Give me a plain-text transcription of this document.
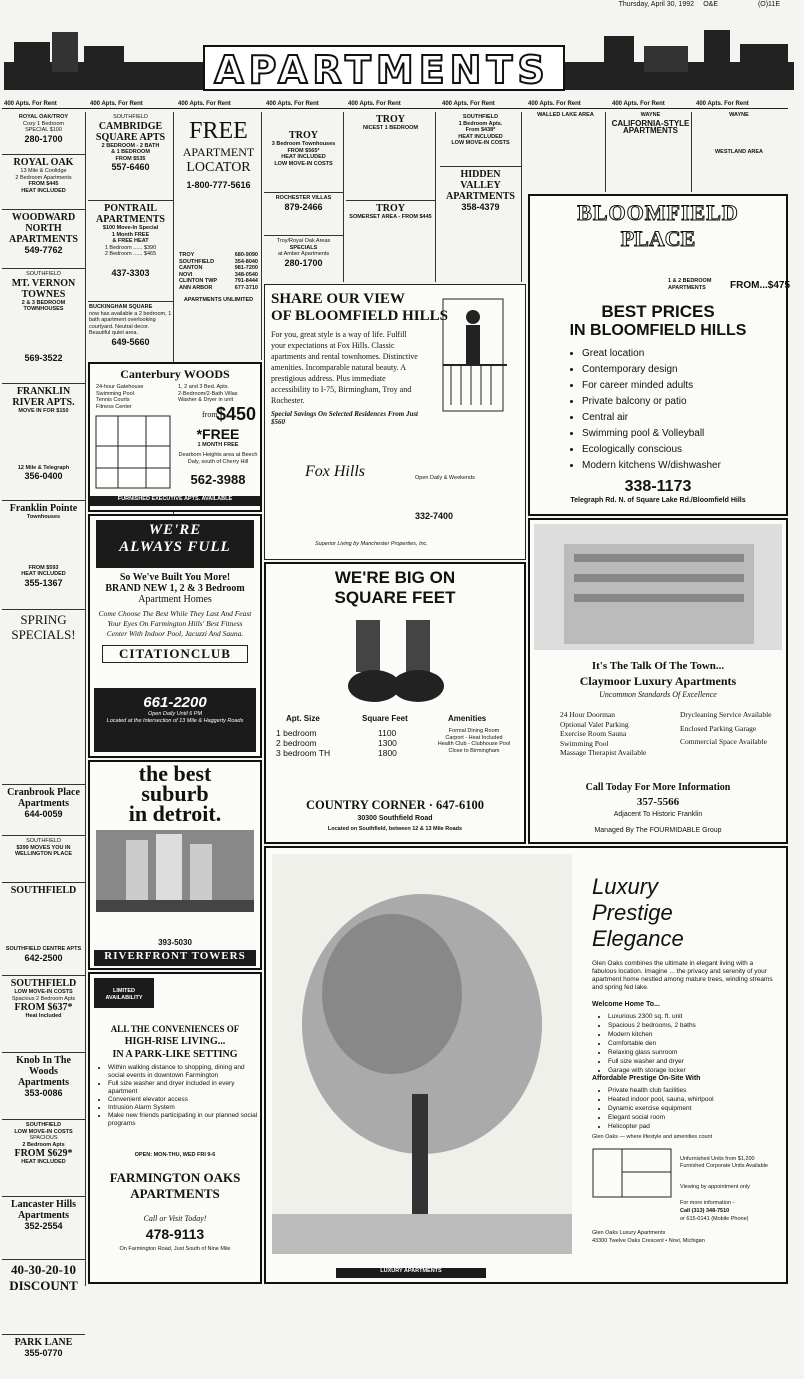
Thursday, April 30, 1992 O&E	(O)11E
APARTMENTS
400 Apts. For Rent	400 Apts. For Rent	400 Apts. For Rent	400 Apts. For Rent	400 Apts. For Rent	400 Apts. For Rent	400 Apts. For Rent	400 Apts. For Rent	400 Apts. For Rent
ROYAL OAK/TROY
Cozy 1 Bedroom
SPECIAL $100
280-1700
ROYAL OAK
13 Mile & Coolidge
2 Bedroom Apartments
FROM $445
HEAT INCLUDED
WOODWARD
NORTH
APARTMENTS
549-7762
SOUTHFIELD
MT. VERNON
TOWNES
2 & 3 BEDROOM
TOWNHOUSES
569-3522
FRANKLIN
RIVER APTS.
MOVE IN FOR $150
12 Mile & Telegraph
356-0400
Franklin Pointe
Townhouses
FROM $593
HEAT INCLUDED
355-1367
SPRING
SPECIALS!
Cranbrook Place
Apartments
644-0059
SOUTHFIELD
$399 MOVES YOU IN
WELLINGTON PLACE
SOUTHFIELD
SOUTHFIELD CENTRE APTS
642-2500
SOUTHFIELD
LOW MOVE-IN COSTS
Spacious 2 Bedroom Apts
FROM $637*
Heat Included
Knob In The Woods
Apartments
353-0086
SOUTHFIELD
LOW MOVE-IN COSTS
SPACIOUS
2 Bedroom Apts
FROM $629*
HEAT INCLUDED
Lancaster Hills
Apartments
352-2554
40-30-20-10
DISCOUNT
PARK LANE
355-0770
SOUTHFIELD
CAMBRIDGE
SQUARE APTS
2 BEDROOM - 2 BATH
& 1 BEDROOM
FROM $535
557-6460
PONTRAIL
APARTMENTS
$100 Move-In Special
1 Month FREE
& FREE HEAT
1 Bedroom ...... $390
2 Bedroom ...... $465
437-3303
BUCKINGHAM SQUARE
now has available a 2 bedroom, 1 bath apartment overlooking courtyard. Neutral decor. Beautiful quiet area.
649-5660
FREE
APARTMENT
LOCATOR
1-800-777-5616
TROY	680-9090
SOUTHFIELD	354-8040
CANTON	981-7200
NOVI	348-0540
CLINTON TWP	791-8444
ANN ARBOR	677-3710
APARTMENTS UNLIMITED
TROY
3 Bedroom Townhouses
FROM $565*
HEAT INCLUDED
LOW MOVE-IN COSTS
ROCHESTER VILLAS
879-2466
Troy/Royal Oak Areas
SPECIALS
at Amber Apartments
280-1700
TROY
NICEST 1 BEDROOM
TROY
SOMERSET AREA - FROM $445
SOUTHFIELD
1 Bedroom Apts.
From $438*
HEAT INCLUDED
LOW MOVE-IN COSTS
HIDDEN VALLEY
APARTMENTS
358-4379
WALLED LAKE AREA	WAYNE
CALIFORNIA-STYLE
APARTMENTS
WAYNE
WESTLAND AREA
SHARE OUR VIEW
OF BLOOMFIELD HILLS
For you, great style is a way of life. Fulfill your expectations at Fox Hills. Classic apartments and rental townhomes. Distinctive amenities. Incomparable natural beauty. A prestigious address. Plus immediate accessibility to I-75, Birmingham, Troy and Rochester.
Special Savings On Selected Residences From Just $560
Fox Hills	Open Daily & Weekends
332-7400
Superior Living by Manchester Properties, Inc.
BLOOMFIELD
PLACE
1 & 2 BEDROOM APARTMENTS	FROM...$475
BEST PRICES
IN BLOOMFIELD HILLS
• Great location
• Contemporary design
• For career minded adults
• Private balcony or patio
• Central air
• Swimming pool & Volleyball
• Ecologically conscious
• Modern kitchens W/dishwasher
338-1173
Telegraph Rd. N. of Square Lake Rd./Bloomfield Hills
Canterbury WOODS
24-hour Gatehouse
Swimming Pool
Tennis Courts
Fitness Center
1, 2 and 3 Bed. Apts.
2-Bedroom/2-Bath Villas
Washer & Dryer in unit
from
$450
*FREE
1 MONTH FREE
Dearborn Heights area at Beech Daly, south of Cherry Hill
562-3988
FURNISHED EXECUTIVE APTS. AVAILABLE
WE'RE
ALWAYS FULL
So We've Built You More!
BRAND NEW 1, 2 & 3 Bedroom
Apartment Homes
Come Choose The Best While They Last And Feast Your Eyes On Farmington Hills' Best Fitness Center With Indoor Pool, Jacuzzi And Sauna.
CITATIONCLUB
661-2200
Open Daily Until 6 PM
Located at the Intersection of 13 Mile & Haggerty Roads
the best
suburb
in detroit.
393-5030
RIVERFRONT TOWERS
LIMITED AVAILABILITY
ALL THE CONVENIENCES OF
HIGH-RISE LIVING...
IN A PARK-LIKE SETTING
• Within walking distance to shopping, dining and social events in downtown Farmington
• Full size washer and dryer included in every apartment
• Convenient elevator access
• Intrusion Alarm System
• Make new friends participating in our planned social programs
OPEN: MON-THU, WED FRI 9-6
FARMINGTON OAKS APARTMENTS
Call or Visit Today!
478-9113
On Farmington Road, Just South of Nine Mile
WE'RE BIG ON
SQUARE FEET
Apt. Size	Square Feet	Amenities
1 bedroom	1100
2 bedroom	1300
3 bedroom TH	1800
Formal Dining Room
Carport - Heat Included
Health Club - Clubhouse Pool
Close to Birmingham
COUNTRY CORNER · 647-6100
30300 Southfield Road
Located on Southfield, between 12 & 13 Mile Roads
It's The Talk Of The Town...
Claymoor Luxury Apartments
Uncommon Standards Of Excellence
24 Hour Doorman
Optional Valet Parking
Exercise Room Sauna
Swimming Pool
Massage Therapist Available
Drycleaning Service Available
Enclosed Parking Garage
Commercial Space Available
Call Today For More Information
357-5566
Adjacent To Historic Franklin
Managed By The FOURMIDABLE Group
LUXURY APARTMENTS
Luxury
Prestige
Elegance
Glen Oaks combines the ultimate in elegant living with a fabulous location. Imagine ... the privacy and serenity of your apartment home nestled among mature trees, winding streams and spring fed lake.
Welcome Home To...
• Luxurious 2300 sq. ft. unit
• Spacious 2 bedrooms, 2 baths
• Modern kitchen
• Comfortable den
• Relaxing glass sunroom
• Full size washer and dryer
• Garage with storage locker
Affordable Prestige On-Site With
• Private health club facilities
• Heated indoor pool, sauna, whirlpool
• Dynamic exercise equipment
• Elegant social room
• Helicopter pad
Glen Oaks — where lifestyle and amenities count
Unfurnished Units from $1,200
Furnished Corporate Units Available
Viewing by appointment only
For more information -
Call (313) 348-7510
or 615-0141 (Mobile Phone)
Glen Oaks Luxury Apartments
43300 Twelve Oaks Crescent • Novi, Michigan
